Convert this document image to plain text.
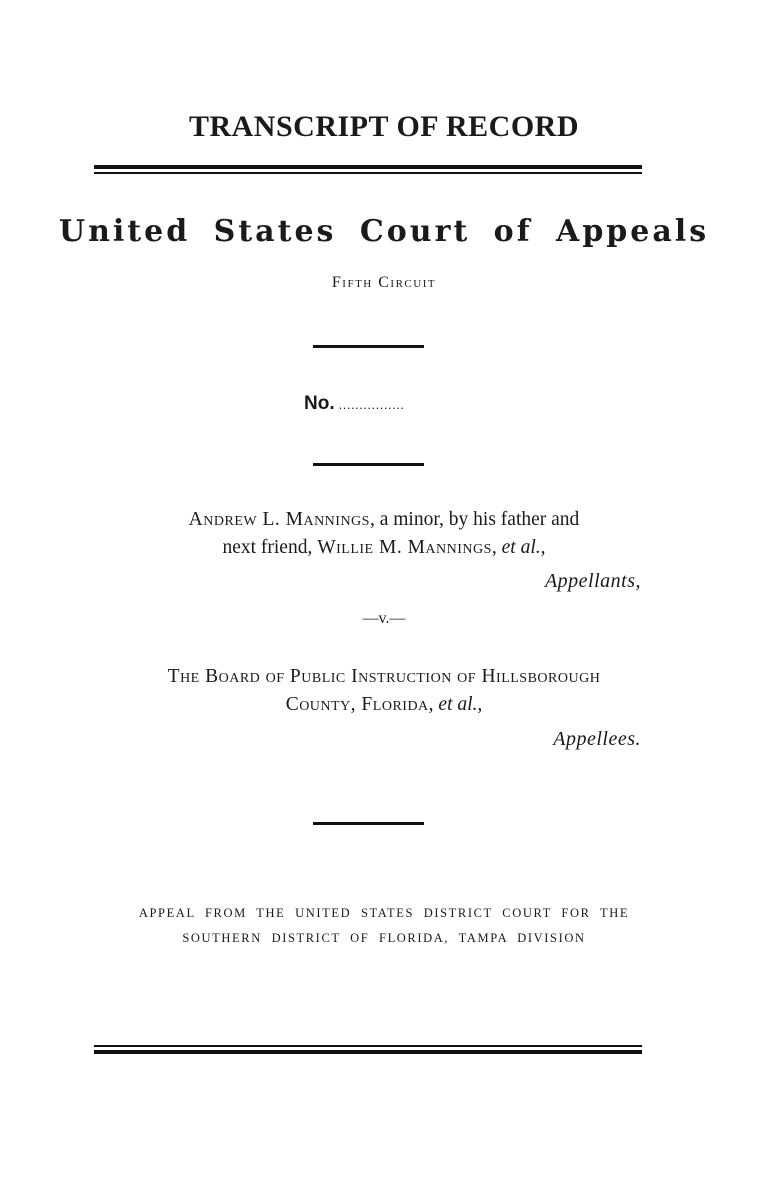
TRANSCRIPT OF RECORD
United States Court of Appeals
Fifth Circuit
No. ................
Andrew L. Mannings, a minor, by his father and
next friend, Willie M. Mannings, et al.,
Appellants,
—v.—
The Board of Public Instruction of Hillsborough
County, Florida, et al.,
Appellees.
APPEAL FROM THE UNITED STATES DISTRICT COURT FOR THE
SOUTHERN DISTRICT OF FLORIDA, TAMPA DIVISION
